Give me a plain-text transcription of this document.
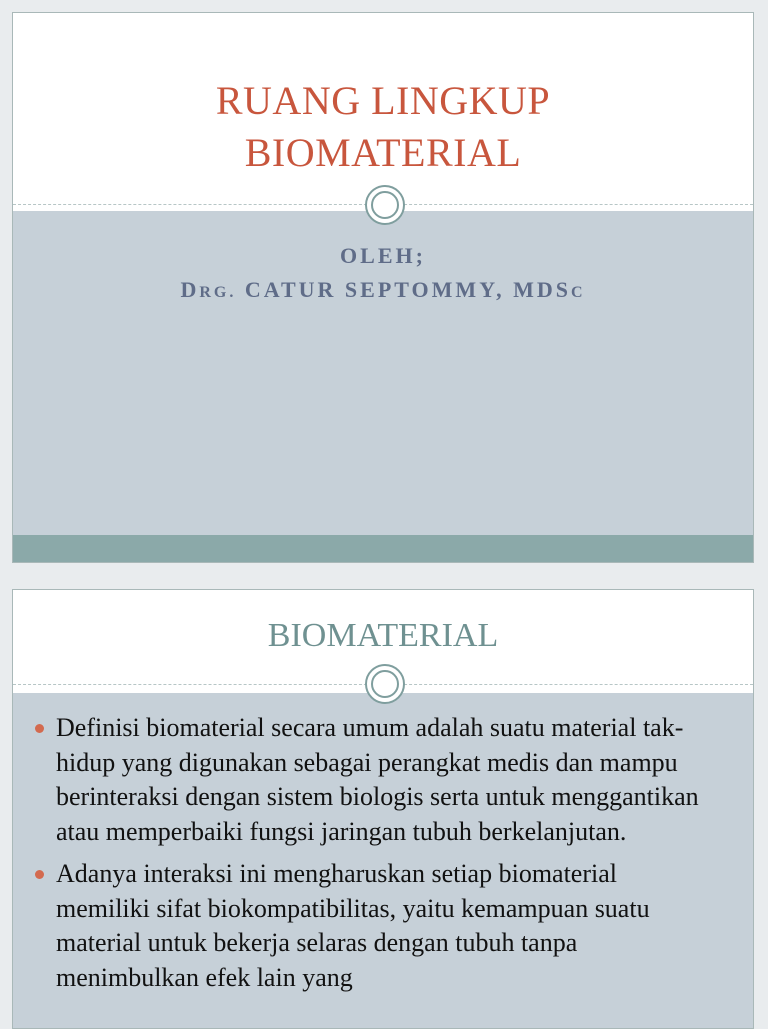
RUANG LINGKUP
BIOMATERIAL
OLEH;
DRG. CATUR SEPTOMMY, MDSC
BIOMATERIAL
Definisi biomaterial secara umum adalah suatu material tak-hidup yang digunakan sebagai perangkat medis dan mampu berinteraksi dengan sistem biologis serta untuk menggantikan atau memperbaiki fungsi jaringan tubuh berkelanjutan.
Adanya interaksi ini mengharuskan setiap biomaterial memiliki sifat biokompatibilitas, yaitu kemampuan suatu material untuk bekerja selaras dengan tubuh tanpa menimbulkan efek lain yang
